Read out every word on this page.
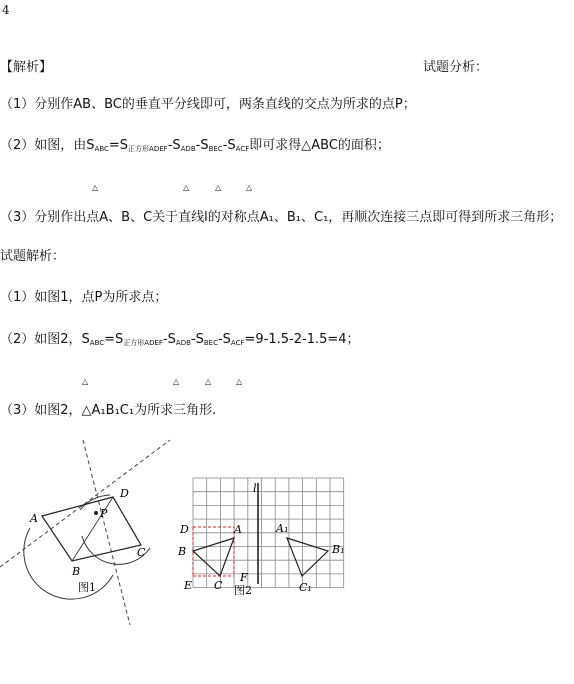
4
【解析】	试题分析：
（1）分别作AB、BC的垂直平分线即可，两条直线的交点为所求的点P；
（2）如图，由$S_{ABC}=S_{正方形ADEF}-S_{ADB}-S_{BEC}-S_{ACF}$即可求得△ABC的面积；
△	△	△	△
（3）分别作出点A、B、C关于直线l的对称点A₁、B₁、C₁，再顺次连接三点即可得到所求三角形；
试题解析：
（1）如图1，点P为所求点；
（2）如图2，$S_{ABC}=S_{正方形ADEF}-S_{ADB}-S_{BEC}-S_{ACF}=9-1.5-2-1.5=4$；
△	△	△	△
（3）如图2，△A₁B₁C₁为所求三角形.
A
D
P
C
B
图1
l
D	A
B
E C
F
A₁
B₁
C₁
图2
